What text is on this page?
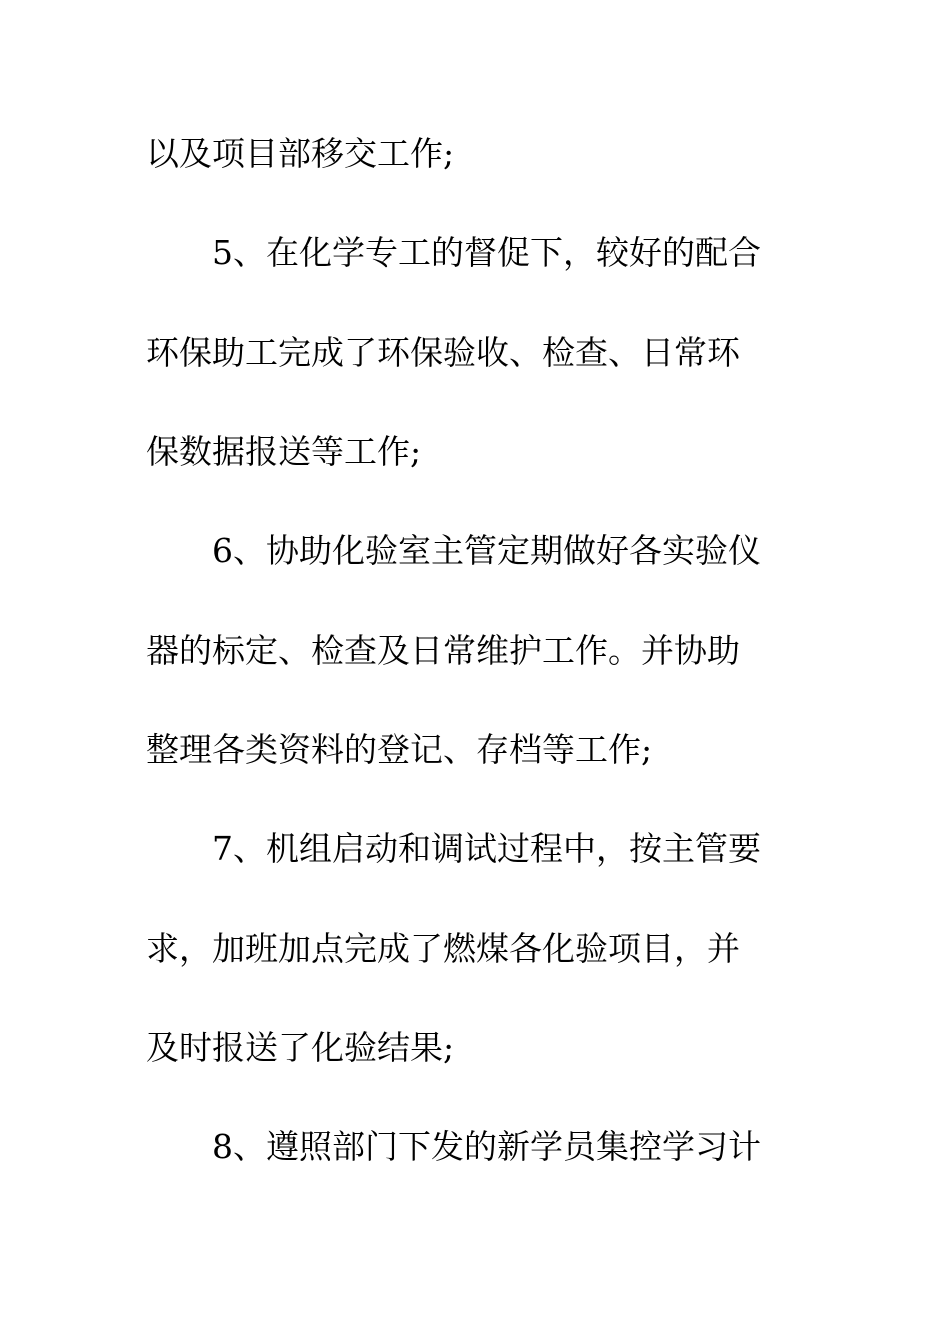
以及项目部移交工作;
5、在化学专工的督促下，较好的配合
环保助工完成了环保验收、检查、日常环
保数据报送等工作;
6、协助化验室主管定期做好各实验仪
器的标定、检查及日常维护工作。并协助
整理各类资料的登记、存档等工作;
7、机组启动和调试过程中，按主管要
求，加班加点完成了燃煤各化验项目，并
及时报送了化验结果;
8、遵照部门下发的新学员集控学习计
